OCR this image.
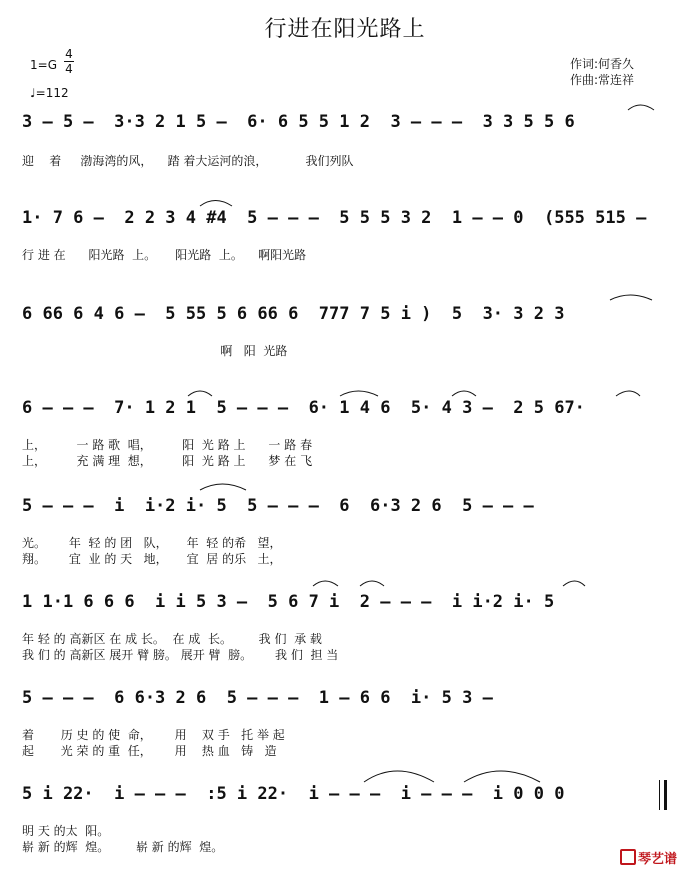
行进在阳光路上
1=G
4
4
♩=112
作词:何香久
作曲:常连祥
3 – 5 –  3·3 2 1 5 –  6· 6 5 5 1 2  3 – – –  3 3 5 5 6
迎    着     渤海湾的风，    踏 着大运河的浪，          我们列队
1· 7 6 –  2 2 3 4 #4  5 – – –  5 5 5 3 2  1 – – 0  (555 515 –
行 进 在      阳光路  上。     阳光路  上。    啊阳光路
6 66 6 4 6 –  5 55 5 6 66 6  777 7 5 i )  5  3· 3 2 3
啊   阳  光路
6 – – –  7· 1 2 1  5 – – –  6· 1 4 6  5· 4 3 –  2 5 67·
上，        一 路 歌  唱，        阳  光 路 上      一 路 春
上，        充 满 理  想，        阳  光 路 上      梦 在 飞
5 – – –  i  i·2 i· 5  5 – – –  6  6·3 2 6  5 – – –
光。      年  轻 的 团   队，     年  轻 的希   望，
翔。      宜  业 的 天   地，     宜  居 的乐   土，
1 1·1 6 6 6  i i 5 3 –  5 6 7 i  2 – – –  i i·2 i· 5
年 轻 的 高新区 在 成 长。  在 成  长。       我 们  承 载
我 们 的 高新区 展开 臂 膀。 展开 臂  膀。      我 们  担 当
5 – – –  6 6·3 2 6  5 – – –  1 – 6 6  i· 5 3 –
着       历 史 的 使  命，      用    双 手   托 举 起
起       光 荣 的 重  任，      用    热 血   铸   造
5 i 22·  i – – –  :5 i 22·  i – – –  i – – –  i 0 0 0
明 天 的太  阳。
崭 新 的辉  煌。       崭 新 的辉  煌。
琴艺谱
